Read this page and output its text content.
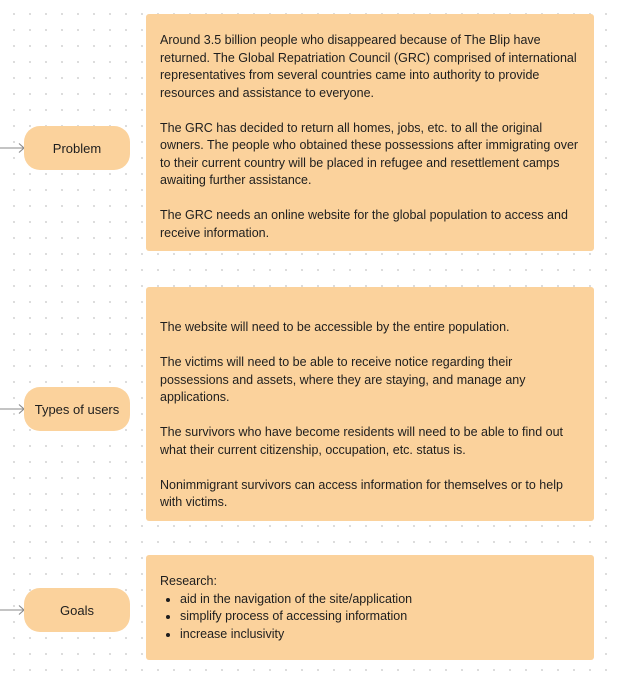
Problem

Around 3.5 billion people who disappeared because of The Blip have returned. The Global Repatriation Council (GRC) comprised of international representatives from several countries came into authority to provide resources and assistance to everyone.

The GRC has decided to return all homes, jobs, etc. to all the original owners. The people who obtained these possessions after immigrating over to their current country will be placed in refugee and resettlement camps awaiting further assistance.

The GRC needs an online website for the global population to access and receive information.

Types of users

The website will need to be accessible by the entire population.

The victims will need to be able to receive notice regarding their possessions and assets, where they are staying, and manage any applications.

The survivors who have become residents will need to be able to find out what their current citizenship, occupation, etc. status is.

Nonimmigrant survivors can access information for themselves or to help with victims.

Goals
Research:
• aid in the navigation of the site/application
• simplify process of accessing information
• increase inclusivity
